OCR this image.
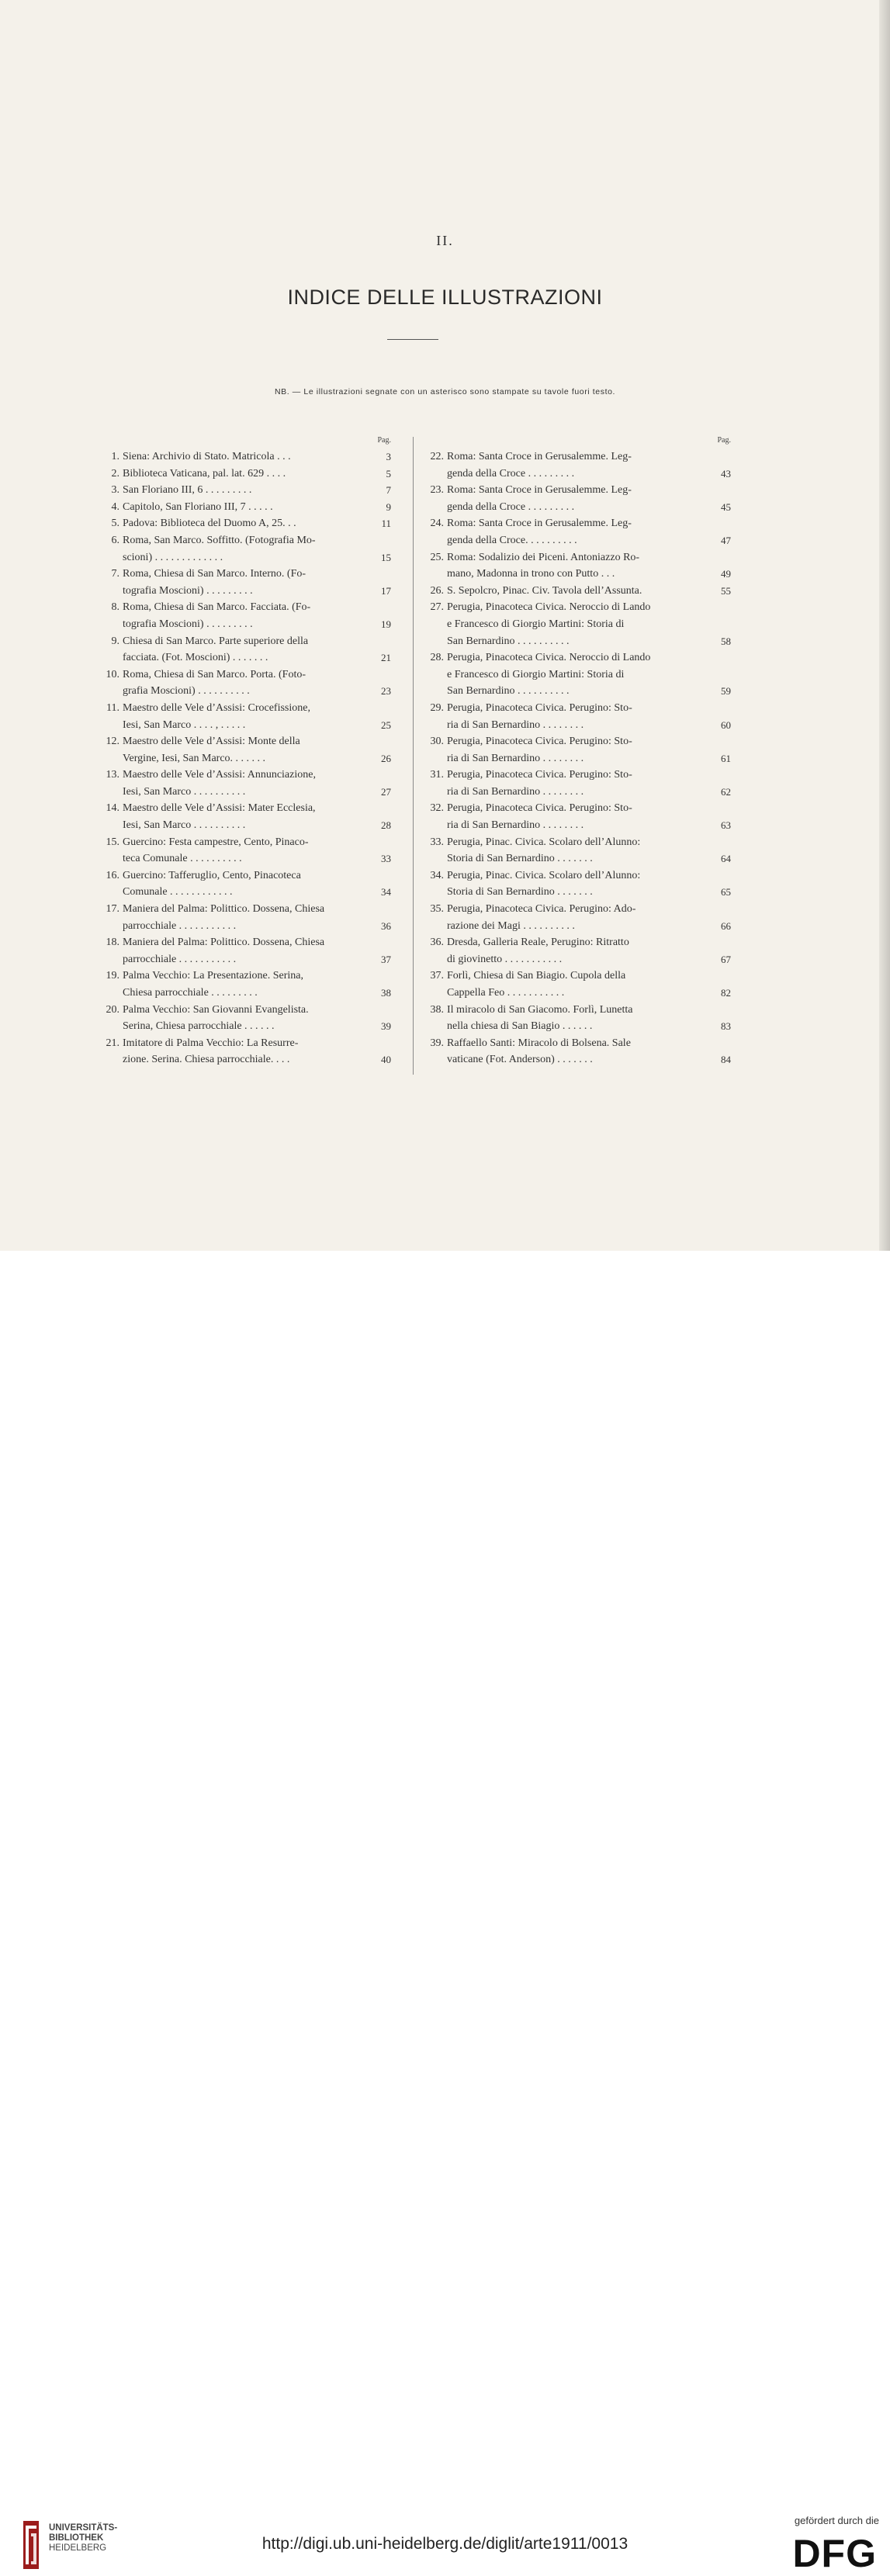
II.
INDICE DELLE ILLUSTRAZIONI
NB. — Le illustrazioni segnate con un asterisco sono stampate su tavole fuori testo.
Pag.
1. Siena: Archivio di Stato. Matricola . . .	3
2. Biblioteca Vaticana, pal. lat. 629 . . . .	5
3. San Floriano III, 6 . . . . . . . . .	7
4. Capitolo, San Floriano III, 7 . . . . .	9
5. Padova: Biblioteca del Duomo A, 25. . .	11
6. Roma, San Marco. Soffitto. (Fotografia Mo-
scioni) . . . . . . . . . . . . .	15
7. Roma, Chiesa di San Marco. Interno. (Fo-
tografia Moscioni) . . . . . . . . .	17
8. Roma, Chiesa di San Marco. Facciata. (Fo-
tografia Moscioni) . . . . . . . . .	19
9. Chiesa di San Marco. Parte superiore della
facciata. (Fot. Moscioni) . . . . . . .	21
10. Roma, Chiesa di San Marco. Porta. (Foto-
grafia Moscioni) . . . . . . . . . .	23
11. Maestro delle Vele d’Assisi: Crocefissione,
Iesi, San Marco . . . . , . . . . .	25
12. Maestro delle Vele d’Assisi: Monte della
Vergine, Iesi, San Marco. . . . . . .	26
13. Maestro delle Vele d’Assisi: Annunciazione,
Iesi, San Marco . . . . . . . . . .	27
14. Maestro delle Vele d’Assisi: Mater Ecclesia,
Iesi, San Marco . . . . . . . . . .	28
15. Guercino: Festa campestre, Cento, Pinaco-
teca Comunale . . . . . . . . . .	33
16. Guercino: Tafferuglio, Cento, Pinacoteca
Comunale . . . . . . . . . . . .	34
17. Maniera del Palma: Polittico. Dossena, Chiesa
parrocchiale . . . . . . . . . . .	36
18. Maniera del Palma: Polittico. Dossena, Chiesa
parrocchiale . . . . . . . . . . .	37
19. Palma Vecchio: La Presentazione. Serina,
Chiesa parrocchiale . . . . . . . . .	38
20. Palma Vecchio: San Giovanni Evangelista.
Serina, Chiesa parrocchiale . . . . . .	39
21. Imitatore di Palma Vecchio: La Resurre-
zione. Serina. Chiesa parrocchiale. . . .	40
Pag.
22. Roma: Santa Croce in Gerusalemme. Leg-
genda della Croce . . . . . . . . .	43
23. Roma: Santa Croce in Gerusalemme. Leg-
genda della Croce . . . . . . . . .	45
24. Roma: Santa Croce in Gerusalemme. Leg-
genda della Croce. . . . . . . . . .	47
25. Roma: Sodalizio dei Piceni. Antoniazzo Ro-
mano, Madonna in trono con Putto . . .	49
26. S. Sepolcro, Pinac. Civ. Tavola dell’Assunta.	55
27. Perugia, Pinacoteca Civica. Neroccio di Lando
e Francesco di Giorgio Martini: Storia di
San Bernardino . . . . . . . . . .	58
28. Perugia, Pinacoteca Civica. Neroccio di Lando
e Francesco di Giorgio Martini: Storia di
San Bernardino . . . . . . . . . .	59
29. Perugia, Pinacoteca Civica. Perugino: Sto-
ria di San Bernardino . . . . . . . .	60
30. Perugia, Pinacoteca Civica. Perugino: Sto-
ria di San Bernardino . . . . . . . .	61
31. Perugia, Pinacoteca Civica. Perugino: Sto-
ria di San Bernardino . . . . . . . .	62
32. Perugia, Pinacoteca Civica. Perugino: Sto-
ria di San Bernardino . . . . . . . .	63
33. Perugia, Pinac. Civica. Scolaro dell’Alunno:
Storia di San Bernardino . . . . . . .	64
34. Perugia, Pinac. Civica. Scolaro dell’Alunno:
Storia di San Bernardino . . . . . . .	65
35. Perugia, Pinacoteca Civica. Perugino: Ado-
razione dei Magi . . . . . . . . . .	66
36. Dresda, Galleria Reale, Perugino: Ritratto
di giovinetto . . . . . . . . . . .	67
37. Forlì, Chiesa di San Biagio. Cupola della
Cappella Feo . . . . . . . . . . .	82
38. Il miracolo di San Giacomo. Forlì, Lunetta
nella chiesa di San Biagio . . . . . .	83
39. Raffaello Santi: Miracolo di Bolsena. Sale
vaticane (Fot. Anderson) . . . . . . .	84
UNIVERSITÄTS-
BIBLIOTHEK
HEIDELBERG	http://digi.ub.uni-heidelberg.de/diglit/arte1911/0013
gefördert durch die
DFG
